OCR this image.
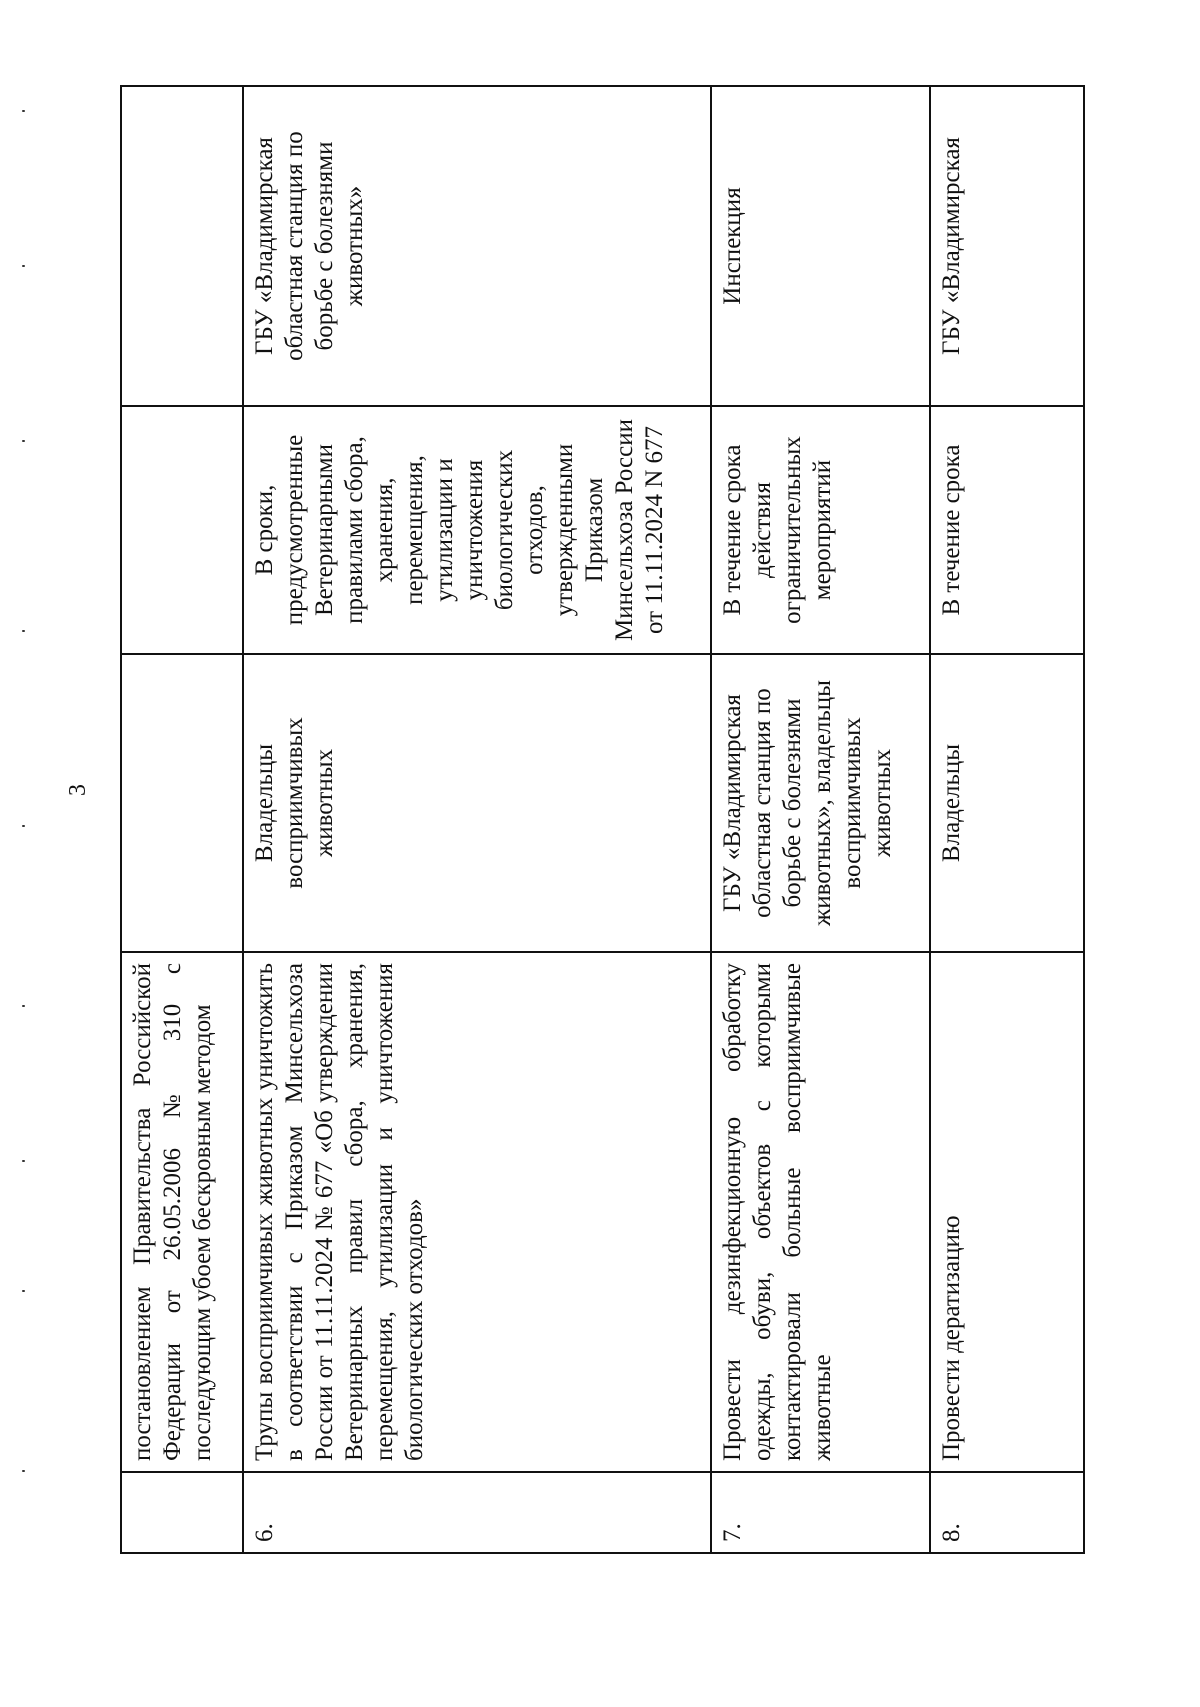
3
	постановлением Правительства Российской Федерации от 26.05.2006 № 310 с последующим убоем бескровным методом			
6.	Трупы восприимчивых животных уничтожить в соответствии с Приказом Минсельхоза России от 11.11.2024 № 677 «Об утверждении Ветеринарных правил сбора, хранения, перемещения, утилизации и уничтожения биологических отходов»	Владельцы восприимчивых животных	В сроки, предусмотренные Ветеринарными правилами сбора, хранения, перемещения, утилизации и уничтожения биологических отходов, утвержденными Приказом Минсельхоза России от 11.11.2024 N 677	ГБУ «Владимирская областная станция по борьбе с болезнями животных»
7.	Провести дезинфекционную обработку одежды, обуви, объектов с которыми контактировали больные восприимчивые животные	ГБУ «Владимирская областная станция по борьбе с болезнями животных», владельцы восприимчивых животных	В течение срока действия ограничительных мероприятий	Инспекция
8.	Провести дератизацию	Владельцы	В течение срока	ГБУ «Владимирская
